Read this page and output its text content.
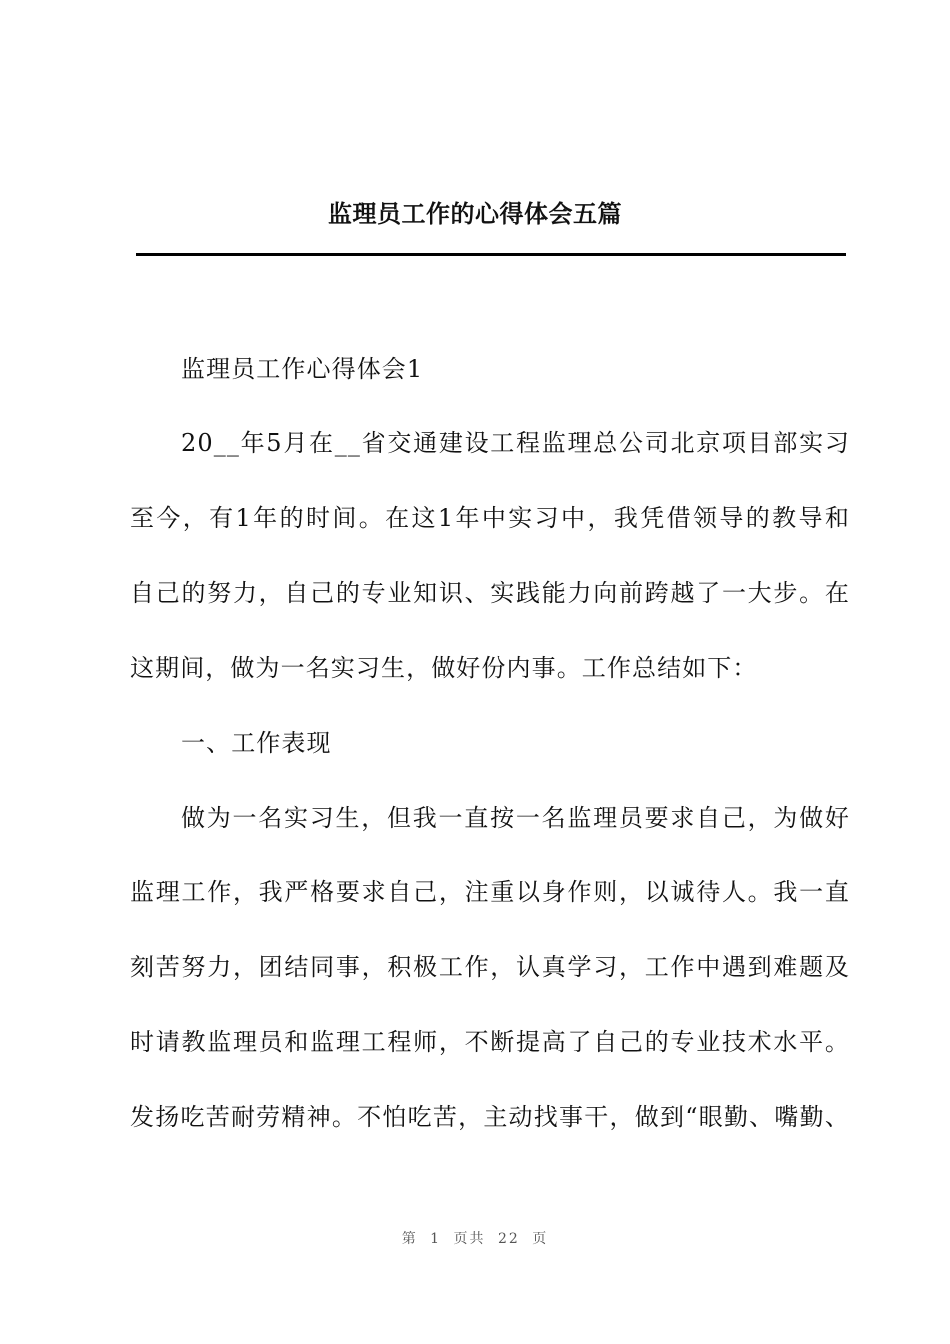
监理员工作的心得体会五篇

监理员工作心得体会1

20__年5月在__省交通建设工程监理总公司北京项目部实习

至今，有1年的时间。在这1年中实习中，我凭借领导的教导和

自己的努力，自己的专业知识、实践能力向前跨越了一大步。在

这期间，做为一名实习生，做好份内事。工作总结如下：

一、工作表现

做为一名实习生，但我一直按一名监理员要求自己，为做好

监理工作，我严格要求自己，注重以身作则，以诚待人。我一直

刻苦努力，团结同事，积极工作，认真学习，工作中遇到难题及

时请教监理员和监理工程师，不断提高了自己的专业技术水平。

发扬吃苦耐劳精神。不怕吃苦，主动找事干，做到“眼勤、嘴勤、

第 1 页共 22 页
